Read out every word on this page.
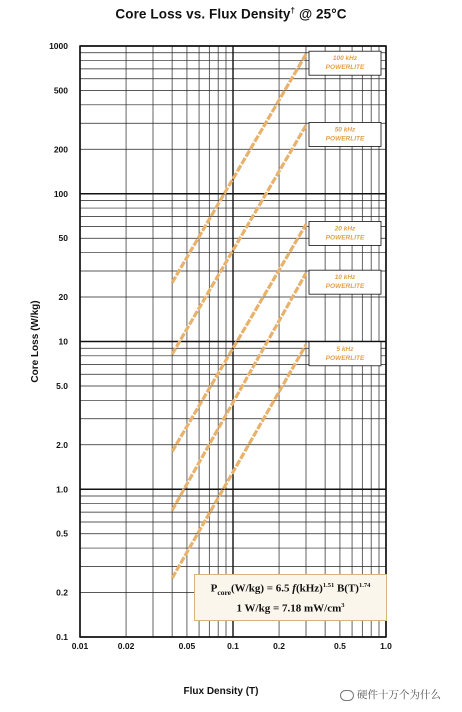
Core Loss vs. Flux Density† @ 25°C
100 kHz
POWERLITE
50 kHz
POWERLITE
20 kHz
POWERLITE
10 kHz
POWERLITE
5 kHz
POWERLITE
0.01	0.02	0.05	0.1	0.2	0.5	1.0
0.1
0.2
0.5
1.0
2.0
5.0
10
20
50
100
200
500
1000
Flux Density (T)
Core Loss (W/kg)
$P_{core}(W/kg) = 6.5$ f(kHz)$^{1.51}$ $B(T)^{1.74}$
1 W/kg = 7.18 $mW/cm^3$
硬件十万个为什么
